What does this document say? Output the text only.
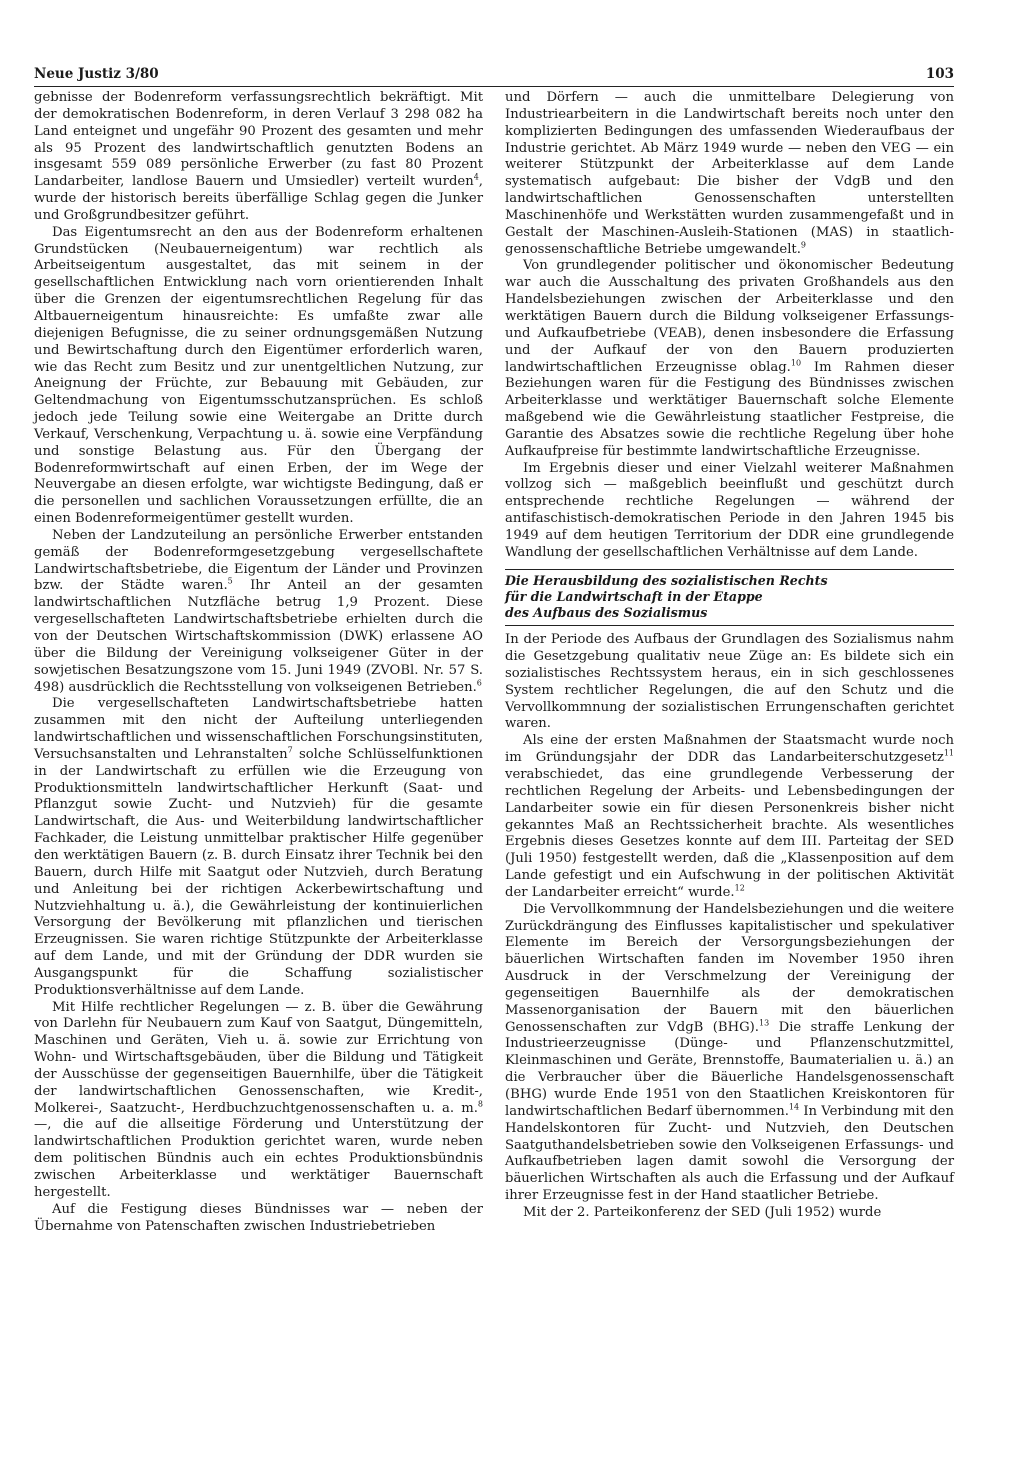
Neue Justiz 3/80	103

gebnisse der Bodenreform verfassungsrechtlich bekräftigt. Mit der demokratischen Bodenreform, in deren Verlauf 3 298 082 ha Land enteignet und ungefähr 90 Prozent des gesamten und mehr als 95 Prozent des landwirtschaftlich genutzten Bodens an insgesamt 559 089 persönliche Erwerber (zu fast 80 Prozent Landarbeiter, landlose Bauern und Umsiedler) verteilt wurden$^4$, wurde der historisch bereits überfällige Schlag gegen die Junker und Großgrundbesitzer geführt.

Das Eigentumsrecht an den aus der Bodenreform erhaltenen Grundstücken (Neubauerneigentum) war rechtlich als Arbeitseigentum ausgestaltet, das mit seinem in der gesellschaftlichen Entwicklung nach vorn orientierenden Inhalt über die Grenzen der eigentumsrechtlichen Regelung für das Altbauerneigentum hinausreichte: Es umfaßte zwar alle diejenigen Befugnisse, die zu seiner ordnungsgemäßen Nutzung und Bewirtschaftung durch den Eigentümer erforderlich waren, wie das Recht zum Besitz und zur unentgeltlichen Nutzung, zur Aneignung der Früchte, zur Bebauung mit Gebäuden, zur Geltendmachung von Eigentumsschutzansprüchen. Es schloß jedoch jede Teilung sowie eine Weitergabe an Dritte durch Verkauf, Verschenkung, Verpachtung u. ä. sowie eine Verpfändung und sonstige Belastung aus. Für den Übergang der Bodenreformwirtschaft auf einen Erben, der im Wege der Neuvergabe an diesen erfolgte, war wichtigste Bedingung, daß er die personellen und sachlichen Voraussetzungen erfüllte, die an einen Bodenreformeigentümer gestellt wurden.

Neben der Landzuteilung an persönliche Erwerber entstanden gemäß der Bodenreformgesetzgebung vergesellschaftete Landwirtschaftsbetriebe, die Eigentum der Länder und Provinzen bzw. der Städte waren.$^5$ Ihr Anteil an der gesamten landwirtschaftlichen Nutzfläche betrug 1,9 Prozent. Diese vergesellschafteten Landwirtschaftsbetriebe erhielten durch die von der Deutschen Wirtschaftskommission (DWK) erlassene AO über die Bildung der Vereinigung volkseigener Güter in der sowjetischen Besatzungszone vom 15. Juni 1949 (ZVOBl. Nr. 57 S. 498) ausdrücklich die Rechtsstellung von volkseigenen Betrieben.$^6$

Die vergesellschafteten Landwirtschaftsbetriebe hatten zusammen mit den nicht der Aufteilung unterliegenden landwirtschaftlichen und wissenschaftlichen Forschungsinstituten, Versuchsanstalten und Lehranstalten$^7$ solche Schlüsselfunktionen in der Landwirtschaft zu erfüllen wie die Erzeugung von Produktionsmitteln landwirtschaftlicher Herkunft (Saat- und Pflanzgut sowie Zucht- und Nutzvieh) für die gesamte Landwirtschaft, die Aus- und Weiterbildung landwirtschaftlicher Fachkader, die Leistung unmittelbar praktischer Hilfe gegenüber den werktätigen Bauern (z. B. durch Einsatz ihrer Technik bei den Bauern, durch Hilfe mit Saatgut oder Nutzvieh, durch Beratung und Anleitung bei der richtigen Ackerbewirtschaftung und Nutzviehhaltung u. ä.), die Gewährleistung der kontinuierlichen Versorgung der Bevölkerung mit pflanzlichen und tierischen Erzeugnissen. Sie waren richtige Stützpunkte der Arbeiterklasse auf dem Lande, und mit der Gründung der DDR wurden sie Ausgangspunkt für die Schaffung sozialistischer Produktionsverhältnisse auf dem Lande.

Mit Hilfe rechtlicher Regelungen — z. B. über die Gewährung von Darlehn für Neubauern zum Kauf von Saatgut, Düngemitteln, Maschinen und Geräten, Vieh u. ä. sowie zur Errichtung von Wohn- und Wirtschaftsgebäuden, über die Bildung und Tätigkeit der Ausschüsse der gegenseitigen Bauernhilfe, über die Tätigkeit der landwirtschaftlichen Genossenschaften, wie Kredit-, Molkerei-, Saatzucht-, Herdbuchzuchtgenossenschaften u. a. m.$^8$ —, die auf die allseitige Förderung und Unterstützung der landwirtschaftlichen Produktion gerichtet waren, wurde neben dem politischen Bündnis auch ein echtes Produktionsbündnis zwischen Arbeiterklasse und werktätiger Bauernschaft hergestellt.

Auf die Festigung dieses Bündnisses war — neben der Übernahme von Patenschaften zwischen Industriebetrieben

und Dörfern — auch die unmittelbare Delegierung von Industriearbeitern in die Landwirtschaft bereits noch unter den komplizierten Bedingungen des umfassenden Wiederaufbaus der Industrie gerichtet. Ab März 1949 wurde — neben den VEG — ein weiterer Stützpunkt der Arbeiterklasse auf dem Lande systematisch aufgebaut: Die bisher der VdgB und den landwirtschaftlichen Genossenschaften unterstellten Maschinenhöfe und Werkstätten wurden zusammengefaßt und in Gestalt der Maschinen-Ausleih-Stationen (MAS) in staatlich-genossenschaftliche Betriebe umgewandelt.$^9$

Von grundlegender politischer und ökonomischer Bedeutung war auch die Ausschaltung des privaten Großhandels aus den Handelsbeziehungen zwischen der Arbeiterklasse und den werktätigen Bauern durch die Bildung volkseigener Erfassungs- und Aufkaufbetriebe (VEAB), denen insbesondere die Erfassung und der Aufkauf der von den Bauern produzierten landwirtschaftlichen Erzeugnisse oblag.$^{10}$ Im Rahmen dieser Beziehungen waren für die Festigung des Bündnisses zwischen Arbeiterklasse und werktätiger Bauernschaft solche Elemente maßgebend wie die Gewährleistung staatlicher Festpreise, die Garantie des Absatzes sowie die rechtliche Regelung über hohe Aufkaufpreise für bestimmte landwirtschaftliche Erzeugnisse.

Im Ergebnis dieser und einer Vielzahl weiterer Maßnahmen vollzog sich — maßgeblich beeinflußt und geschützt durch entsprechende rechtliche Regelungen — während der antifaschistisch-demokratischen Periode in den Jahren 1945 bis 1949 auf dem heutigen Territorium der DDR eine grundlegende Wandlung der gesellschaftlichen Verhältnisse auf dem Lande.

Die Herausbildung des sozialistischen Rechts
für die Landwirtschaft in der Etappe
des Aufbaus des Sozialismus

In der Periode des Aufbaus der Grundlagen des Sozialismus nahm die Gesetzgebung qualitativ neue Züge an: Es bildete sich ein sozialistisches Rechtssystem heraus, ein in sich geschlossenes System rechtlicher Regelungen, die auf den Schutz und die Vervollkommnung der sozialistischen Errungenschaften gerichtet waren.

Als eine der ersten Maßnahmen der Staatsmacht wurde noch im Gründungsjahr der DDR das Landarbeiterschutzgesetz$^{11}$ verabschiedet, das eine grundlegende Verbesserung der rechtlichen Regelung der Arbeits- und Lebensbedingungen der Landarbeiter sowie ein für diesen Personenkreis bisher nicht gekanntes Maß an Rechtssicherheit brachte. Als wesentliches Ergebnis dieses Gesetzes konnte auf dem III. Parteitag der SED (Juli 1950) festgestellt werden, daß die „Klassenposition auf dem Lande gefestigt und ein Aufschwung in der politischen Aktivität der Landarbeiter erreicht“ wurde.$^{12}$

Die Vervollkommnung der Handelsbeziehungen und die weitere Zurückdrängung des Einflusses kapitalistischer und spekulativer Elemente im Bereich der Versorgungsbeziehungen der bäuerlichen Wirtschaften fanden im November 1950 ihren Ausdruck in der Verschmelzung der Vereinigung der gegenseitigen Bauernhilfe als der demokratischen Massenorganisation der Bauern mit den bäuerlichen Genossenschaften zur VdgB (BHG).$^{13}$ Die straffe Lenkung der Industrieerzeugnisse (Dünge- und Pflanzenschutzmittel, Kleinmaschinen und Geräte, Brennstoffe, Baumaterialien u. ä.) an die Verbraucher über die Bäuerliche Handelsgenossenschaft (BHG) wurde Ende 1951 von den Staatlichen Kreiskontoren für landwirtschaftlichen Bedarf übernommen.$^{14}$ In Verbindung mit den Handelskontoren für Zucht- und Nutzvieh, den Deutschen Saatguthandelsbetrieben sowie den Volkseigenen Erfassungs- und Aufkaufbetrieben lagen damit sowohl die Versorgung der bäuerlichen Wirtschaften als auch die Erfassung und der Aufkauf ihrer Erzeugnisse fest in der Hand staatlicher Betriebe.

Mit der 2. Parteikonferenz der SED (Juli 1952) wurde
